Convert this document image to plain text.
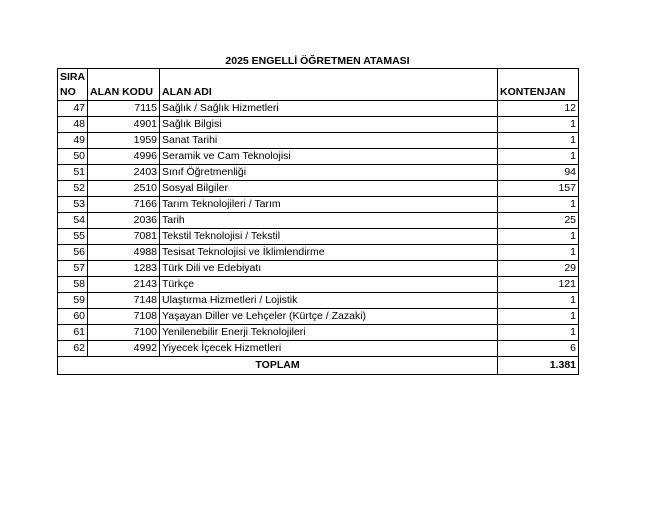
2025 ENGELLİ ÖĞRETMEN ATAMASI
SIRA
NO	ALAN KODU	ALAN ADI	KONTENJAN
47	7115	Sağlık / Sağlık Hizmetleri	12
48	4901	Sağlık Bilgisi	1
49	1959	Sanat Tarihi	1
50	4996	Seramik ve Cam Teknolojisi	1
51	2403	Sınıf Öğretmenliği	94
52	2510	Sosyal Bilgiler	157
53	7166	Tarım Teknolojileri / Tarım	1
54	2036	Tarih	25
55	7081	Tekstil Teknolojisi / Tekstil	1
56	4988	Tesisat Teknolojisi ve İklimlendirme	1
57	1283	Türk Dili ve Edebiyatı	29
58	2143	Türkçe	121
59	7148	Ulaştırma Hizmetleri / Lojistik	1
60	7108	Yaşayan Diller ve Lehçeler (Kürtçe / Zazaki)	1
61	7100	Yenilenebilir Enerji Teknolojileri	1
62	4992	Yiyecek İçecek Hizmetleri	6
TOPLAM			1.381
